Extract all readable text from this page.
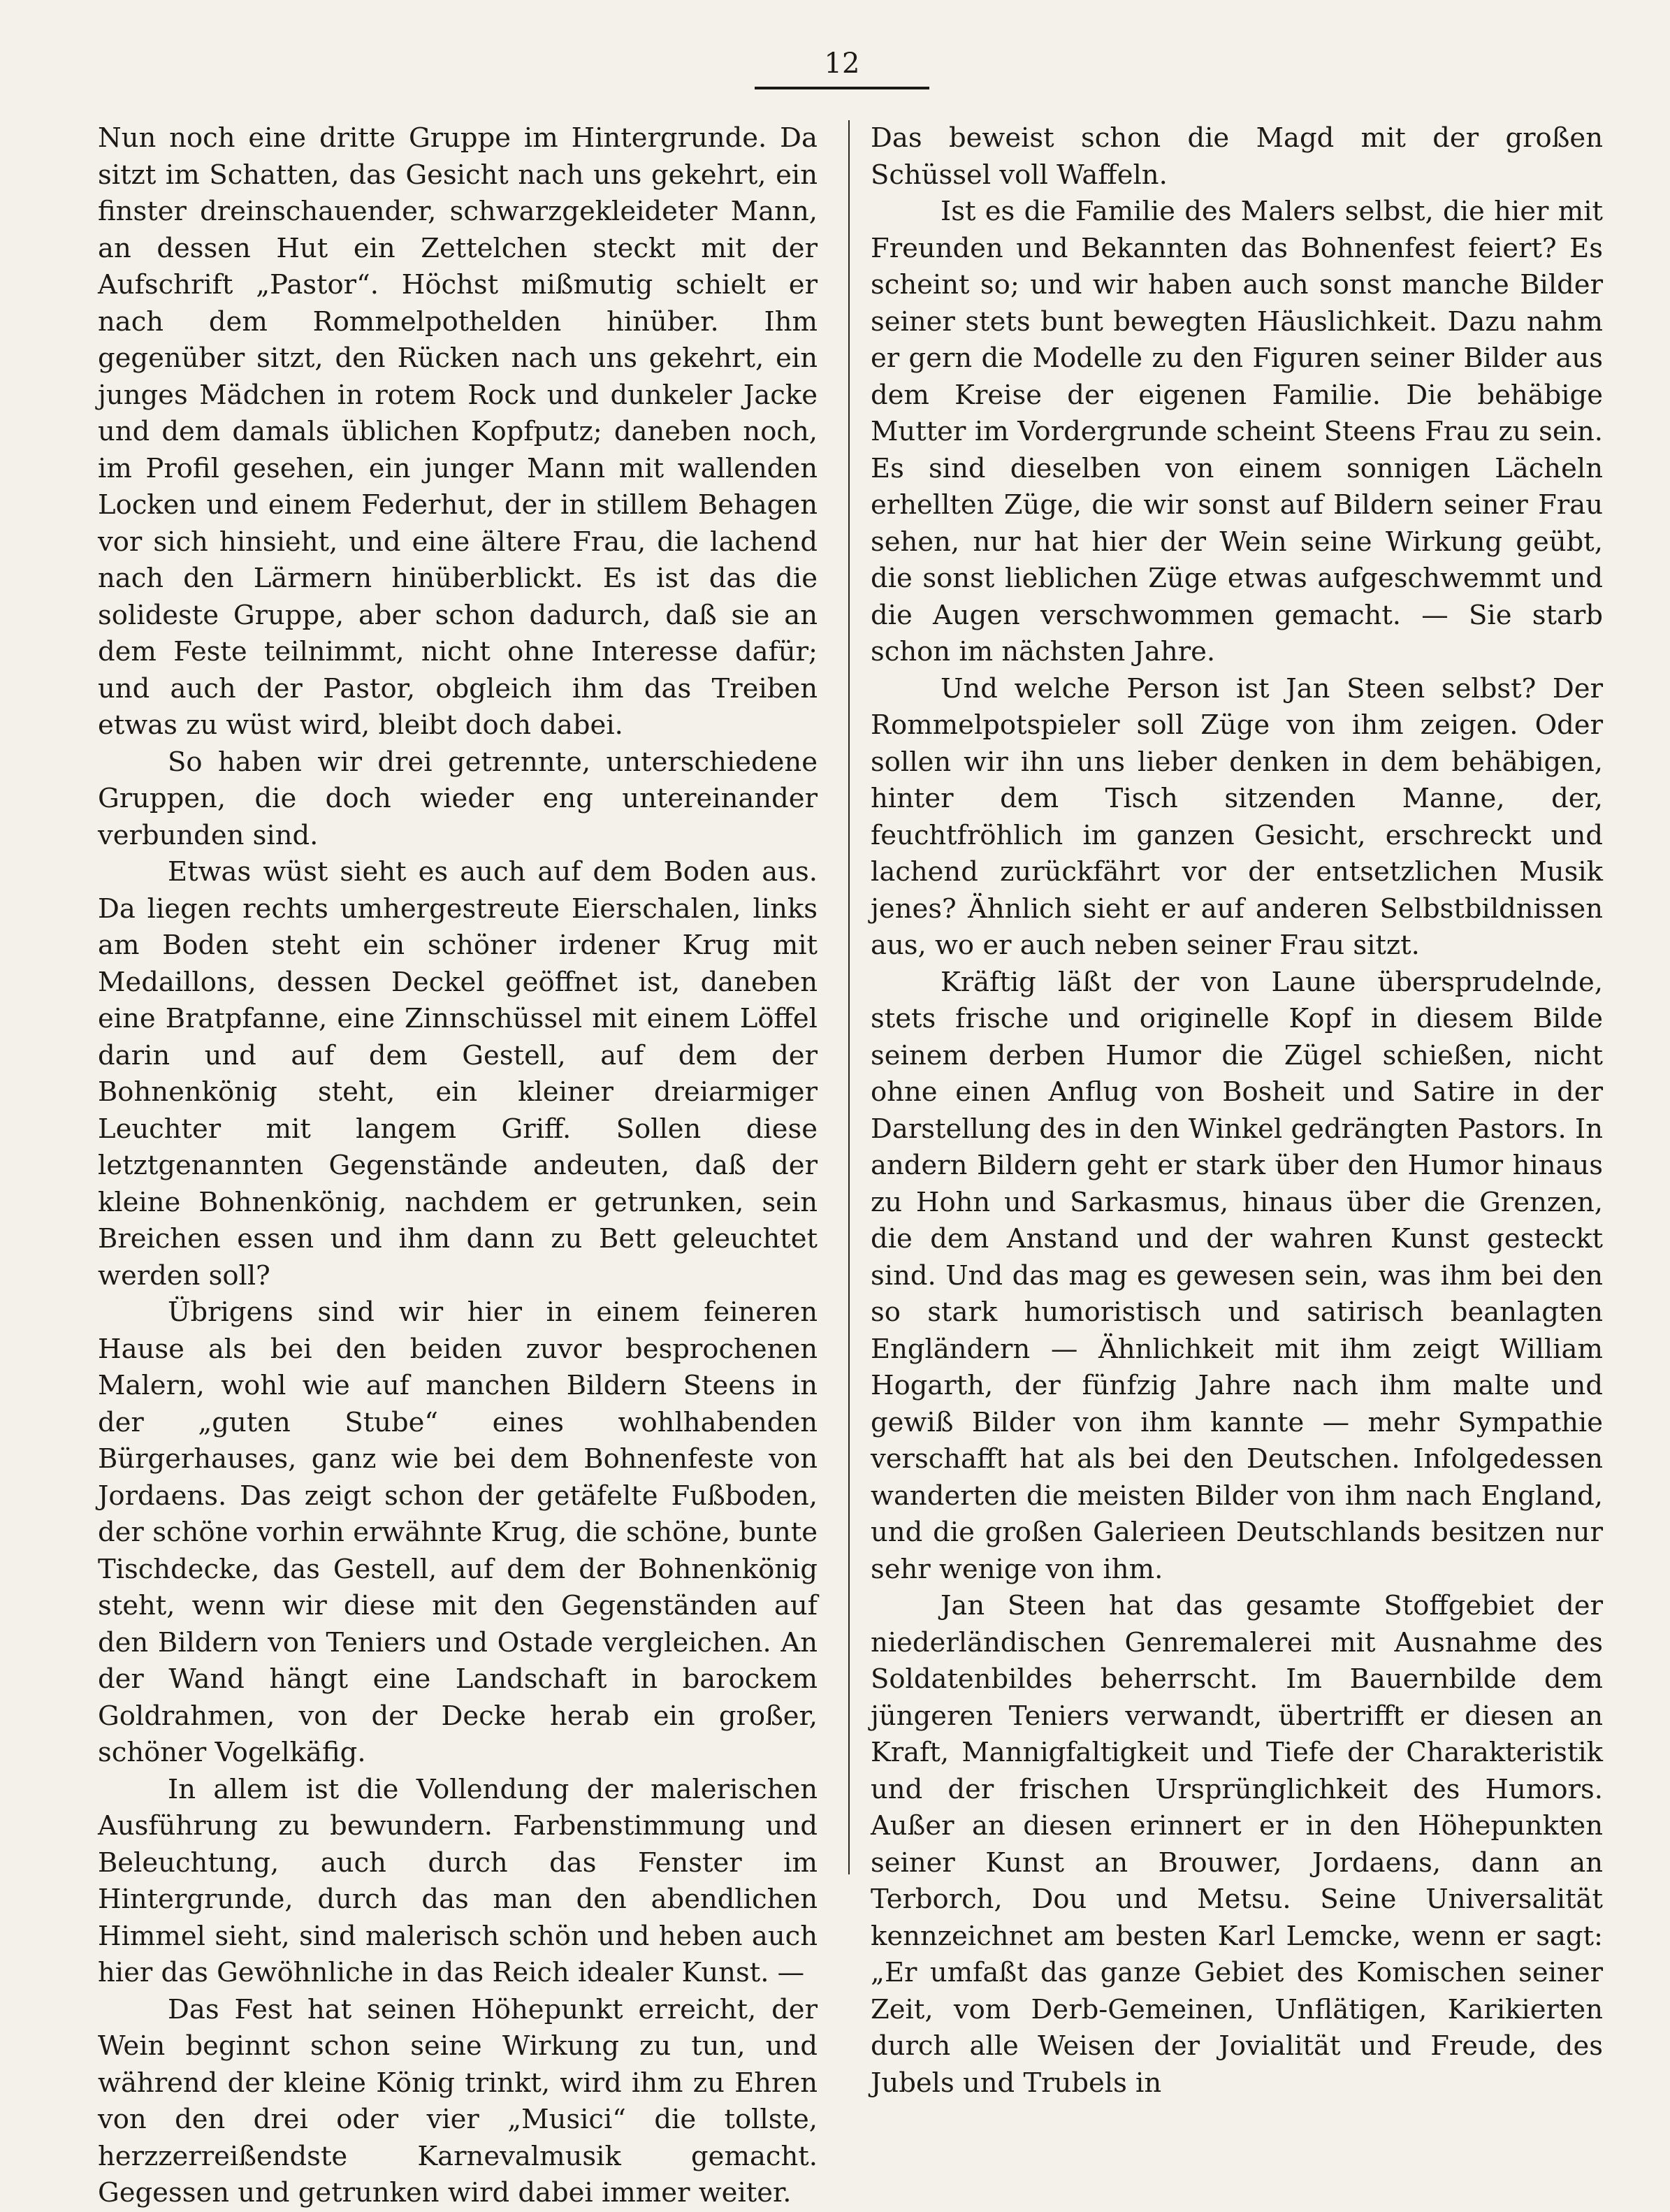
12

Nun noch eine dritte Gruppe im Hintergrunde. Da sitzt im Schatten, das Gesicht nach uns gekehrt, ein finster dreinschauender, schwarzgekleideter Mann, an dessen Hut ein Zettelchen steckt mit der Aufschrift „Pastor“. Höchst mißmutig schielt er nach dem Rommelpothelden hinüber. Ihm gegenüber sitzt, den Rücken nach uns gekehrt, ein junges Mädchen in rotem Rock und dunkeler Jacke und dem damals üblichen Kopfputz; daneben noch, im Profil gesehen, ein junger Mann mit wallenden Locken und einem Federhut, der in stillem Behagen vor sich hinsieht, und eine ältere Frau, die lachend nach den Lärmern hinüberblickt. Es ist das die solideste Gruppe, aber schon dadurch, daß sie an dem Feste teilnimmt, nicht ohne Interesse dafür; und auch der Pastor, obgleich ihm das Treiben etwas zu wüst wird, bleibt doch dabei.

So haben wir drei getrennte, unterschiedene Gruppen, die doch wieder eng untereinander verbunden sind.

Etwas wüst sieht es auch auf dem Boden aus. Da liegen rechts umhergestreute Eierschalen, links am Boden steht ein schöner irdener Krug mit Medaillons, dessen Deckel geöffnet ist, daneben eine Bratpfanne, eine Zinnschüssel mit einem Löffel darin und auf dem Gestell, auf dem der Bohnenkönig steht, ein kleiner dreiarmiger Leuchter mit langem Griff. Sollen diese letztgenannten Gegenstände andeuten, daß der kleine Bohnenkönig, nachdem er getrunken, sein Breichen essen und ihm dann zu Bett geleuchtet werden soll?

Übrigens sind wir hier in einem feineren Hause als bei den beiden zuvor besprochenen Malern, wohl wie auf manchen Bildern Steens in der „guten Stube“ eines wohlhabenden Bürgerhauses, ganz wie bei dem Bohnenfeste von Jordaens. Das zeigt schon der getäfelte Fußboden, der schöne vorhin erwähnte Krug, die schöne, bunte Tischdecke, das Gestell, auf dem der Bohnenkönig steht, wenn wir diese mit den Gegenständen auf den Bildern von Teniers und Ostade vergleichen. An der Wand hängt eine Landschaft in barockem Goldrahmen, von der Decke herab ein großer, schöner Vogelkäfig.

In allem ist die Vollendung der malerischen Ausführung zu bewundern. Farbenstimmung und Beleuchtung, auch durch das Fenster im Hintergrunde, durch das man den abendlichen Himmel sieht, sind malerisch schön und heben auch hier das Gewöhnliche in das Reich idealer Kunst. —

Das Fest hat seinen Höhepunkt erreicht, der Wein beginnt schon seine Wirkung zu tun, und während der kleine König trinkt, wird ihm zu Ehren von den drei oder vier „Musici“ die tollste, herzzerreißendste Karnevalmusik gemacht. Gegessen und getrunken wird dabei immer weiter.

Das beweist schon die Magd mit der großen Schüssel voll Waffeln.

Ist es die Familie des Malers selbst, die hier mit Freunden und Bekannten das Bohnenfest feiert? Es scheint so; und wir haben auch sonst manche Bilder seiner stets bunt bewegten Häuslichkeit. Dazu nahm er gern die Modelle zu den Figuren seiner Bilder aus dem Kreise der eigenen Familie. Die behäbige Mutter im Vordergrunde scheint Steens Frau zu sein. Es sind dieselben von einem sonnigen Lächeln erhellten Züge, die wir sonst auf Bildern seiner Frau sehen, nur hat hier der Wein seine Wirkung geübt, die sonst lieblichen Züge etwas aufgeschwemmt und die Augen verschwommen gemacht. — Sie starb schon im nächsten Jahre.

Und welche Person ist Jan Steen selbst? Der Rommelpotspieler soll Züge von ihm zeigen. Oder sollen wir ihn uns lieber denken in dem behäbigen, hinter dem Tisch sitzenden Manne, der, feuchtfröhlich im ganzen Gesicht, erschreckt und lachend zurückfährt vor der entsetzlichen Musik jenes? Ähnlich sieht er auf anderen Selbstbildnissen aus, wo er auch neben seiner Frau sitzt.

Kräftig läßt der von Laune übersprudelnde, stets frische und originelle Kopf in diesem Bilde seinem derben Humor die Zügel schießen, nicht ohne einen Anflug von Bosheit und Satire in der Darstellung des in den Winkel gedrängten Pastors. In andern Bildern geht er stark über den Humor hinaus zu Hohn und Sarkasmus, hinaus über die Grenzen, die dem Anstand und der wahren Kunst gesteckt sind. Und das mag es gewesen sein, was ihm bei den so stark humoristisch und satirisch beanlagten Engländern — Ähnlichkeit mit ihm zeigt William Hogarth, der fünfzig Jahre nach ihm malte und gewiß Bilder von ihm kannte — mehr Sympathie verschafft hat als bei den Deutschen. Infolgedessen wanderten die meisten Bilder von ihm nach England, und die großen Galerieen Deutschlands besitzen nur sehr wenige von ihm.

Jan Steen hat das gesamte Stoffgebiet der niederländischen Genremalerei mit Ausnahme des Soldatenbildes beherrscht. Im Bauernbilde dem jüngeren Teniers verwandt, übertrifft er diesen an Kraft, Mannigfaltigkeit und Tiefe der Charakteristik und der frischen Ursprünglichkeit des Humors. Außer an diesen erinnert er in den Höhepunkten seiner Kunst an Brouwer, Jordaens, dann an Terborch, Dou und Metsu. Seine Universalität kennzeichnet am besten Karl Lemcke, wenn er sagt: „Er umfaßt das ganze Gebiet des Komischen seiner Zeit, vom Derb-Gemeinen, Unflätigen, Karikierten durch alle Weisen der Jovialität und Freude, des Jubels und Trubels in
